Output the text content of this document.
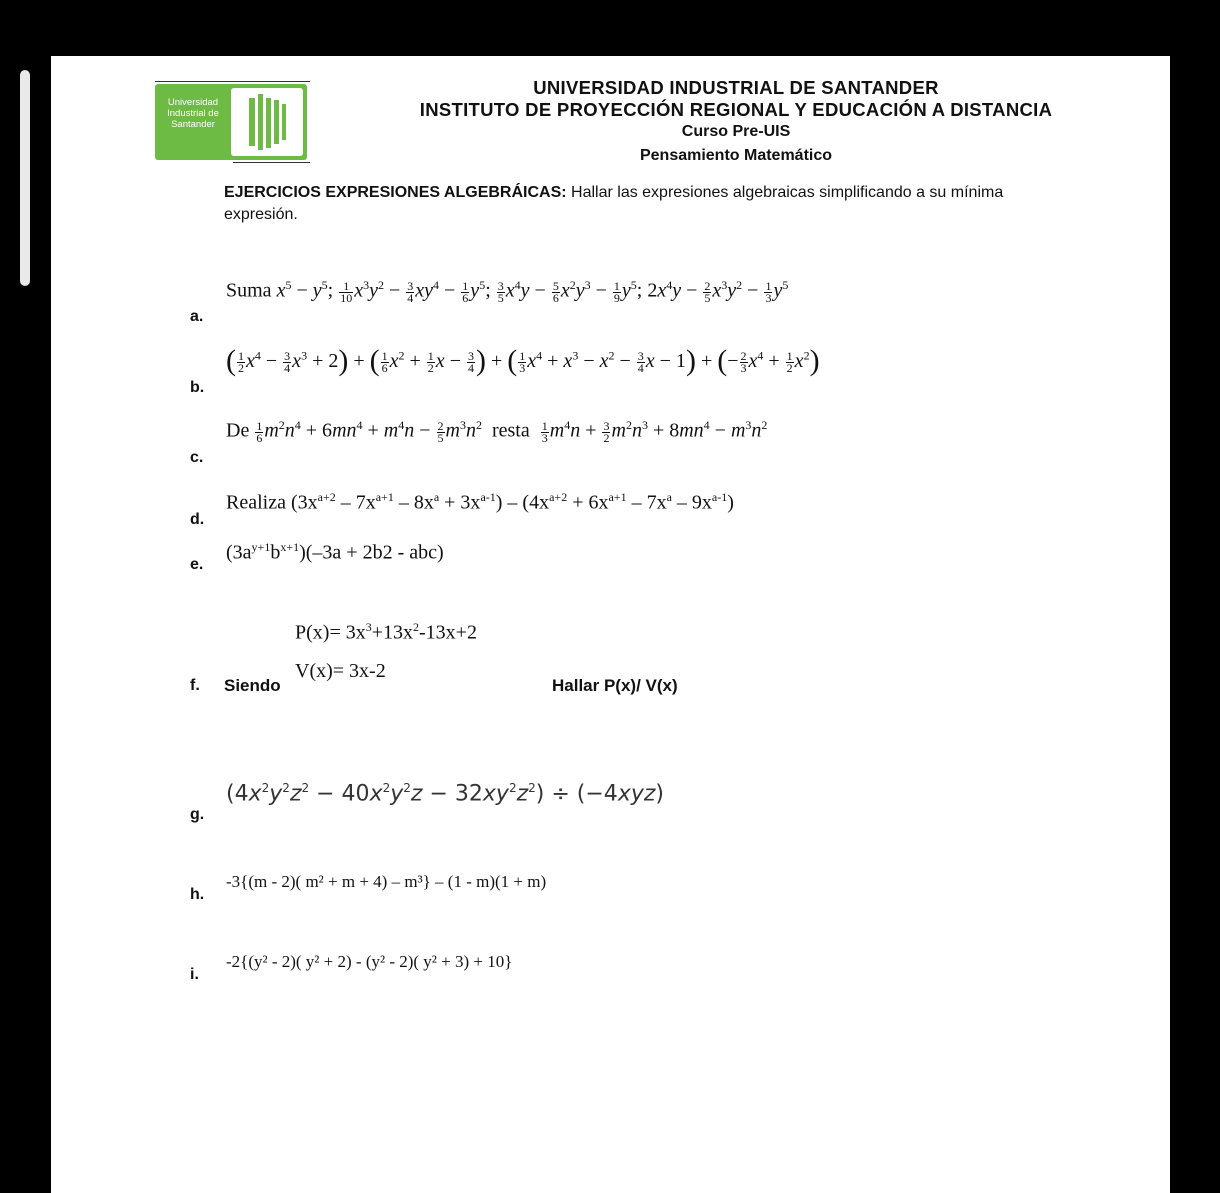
Universidad
Industrial de
Santander
UNIVERSIDAD INDUSTRIAL DE SANTANDER
INSTITUTO DE PROYECCIÓN REGIONAL Y EDUCACIÓN A DISTANCIA
Curso Pre-UIS
Pensamiento Matemático
EJERCICIOS EXPRESIONES ALGEBRÁICAS: Hallar las expresiones algebraicas simplificando a su mínima expresión.
a.
Suma $x^5 - y^5$; $\frac{1}{10} x^3y^2 - \frac{3}{4} xy^4 - \frac{1}{6} y^5$; $\frac{3}{5} x^4y - \frac{5}{6} x^2y^3 - \frac{1}{9} y^5$; $2x^4y - \frac{2}{5} x^3y^2 - \frac{1}{3} y^5$
b.
( $\frac{1}{2} x^4 - \frac{3}{4} x^3 + 2$) + ( $\frac{1}{6} x^2 + \frac{1}{2}$ $x - \frac{3}{4}$ ) + ( $\frac{1}{3} x^4 + x^3 - x^2 - \frac{3}{4}$ x − 1) + (− $\frac{2}{3} x^4 + \frac{1}{2} x^2$)
c.
De $\frac{1}{6} m^2n^4 + 6mn^4 + m^4n - \frac{2}{5} m^3n^2$ resta $\frac{1}{3} m^4n + \frac{3}{2} m^2n^3 + 8mn^4 - m^3n^2$
d.
Realiza $(3x^{a+2} - 7x^{a+1} - 8x^a + 3x^{a-1}) - (4x^{a+2} + 6x^{a+1} - 7x^a - 9x^{a-1})$
e.
$(3a^{y+1}b^{x+1})(-3a + 2b2 - abc)$
$P(x)= 3x^3+13x^2-13x+2$
V(x)= 3x-2
f. Siendo	Hallar P(x)/ V(x)
g.
$(4x^2y^2z^2 - 40x^2y^2z - 32xy^2z^2) \div (-4xyz)$
h.
-3{(m - 2)( m² + m + 4) – m³} – (1 - m)(1 + m)
i.
-2{(y² - 2)( y² + 2) - (y² - 2)( y² + 3) + 10}
